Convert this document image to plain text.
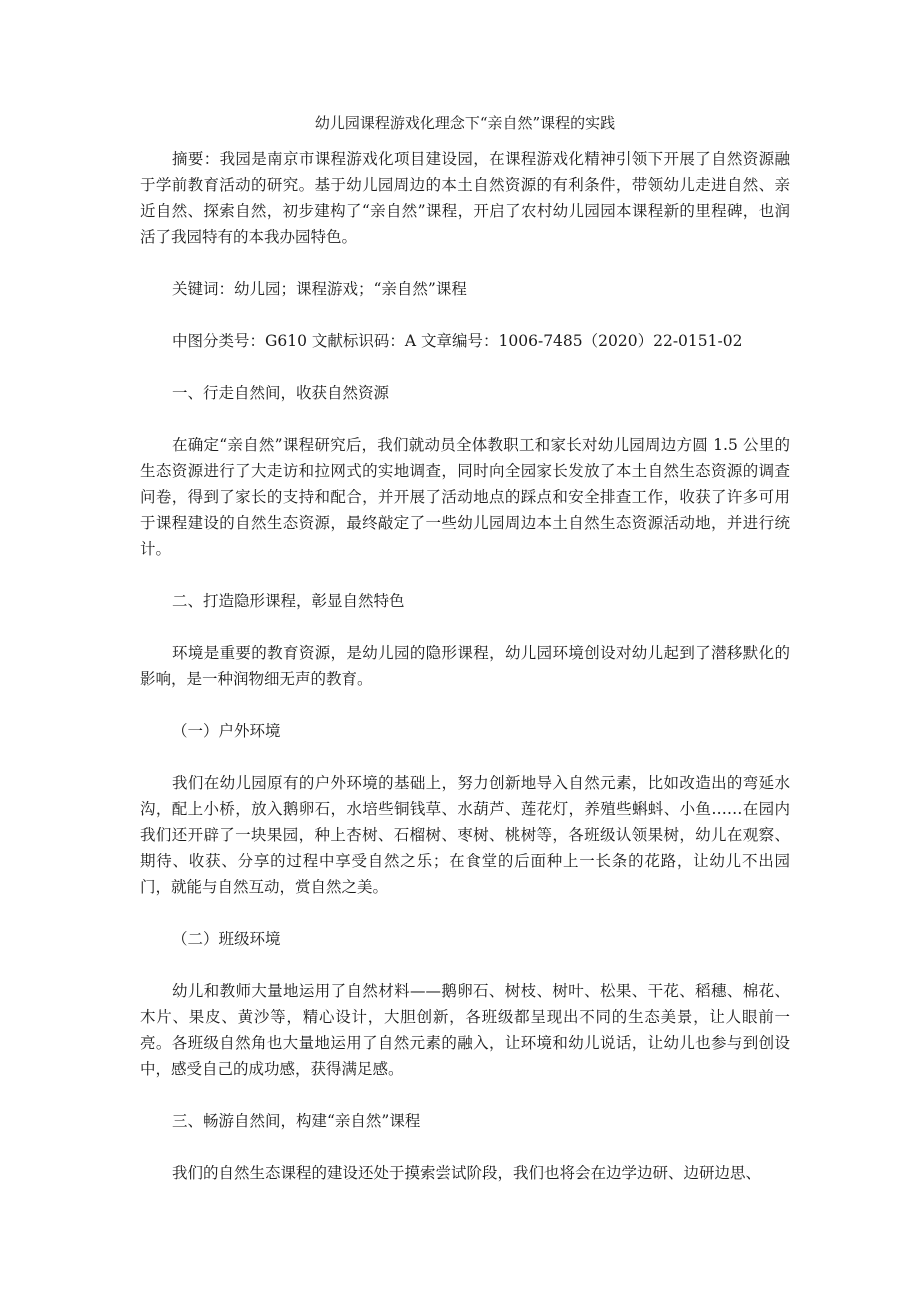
幼儿园课程游戏化理念下“亲自然”课程的实践

摘要：我园是南京市课程游戏化项目建设园，在课程游戏化精神引领下开展了自然资源融于学前教育活动的研究。基于幼儿园周边的本土自然资源的有利条件，带领幼儿走进自然、亲近自然、探索自然，初步建构了“亲自然”课程，开启了农村幼儿园园本课程新的里程碑，也润活了我园特有的本我办园特色。

关键词：幼儿园；课程游戏；“亲自然”课程

中图分类号：G610 文献标识码：A 文章编号：1006-7485（2020）22-0151-02

一、行走自然间，收获自然资源

在确定“亲自然”课程研究后，我们就动员全体教职工和家长对幼儿园周边方圆 1.5 公里的生态资源进行了大走访和拉网式的实地调查，同时向全园家长发放了本土自然生态资源的调查问卷，得到了家长的支持和配合，并开展了活动地点的踩点和安全排查工作，收获了许多可用于课程建设的自然生态资源，最终敲定了一些幼儿园周边本土自然生态资源活动地，并进行统计。

二、打造隐形课程，彰显自然特色

环境是重要的教育资源，是幼儿园的隐形课程，幼儿园环境创设对幼儿起到了潜移默化的影响，是一种润物细无声的教育。

（一）户外环境

我们在幼儿园原有的户外环境的基础上，努力创新地导入自然元素，比如改造出的弯延水沟，配上小桥，放入鹅卵石，水培些铜钱草、水葫芦、莲花灯，养殖些蝌蚪、小鱼……在园内我们还开辟了一块果园，种上杏树、石榴树、枣树、桃树等，各班级认领果树，幼儿在观察、期待、收获、分享的过程中享受自然之乐；在食堂的后面种上一长条的花路，让幼儿不出园门，就能与自然互动，赏自然之美。

（二）班级环境

幼儿和教师大量地运用了自然材料——鹅卵石、树枝、树叶、松果、干花、稻穗、棉花、木片、果皮、黄沙等，精心设计，大胆创新，各班级都呈现出不同的生态美景，让人眼前一亮。各班级自然角也大量地运用了自然元素的融入，让环境和幼儿说话，让幼儿也参与到创设中，感受自己的成功感，获得满足感。

三、畅游自然间，构建“亲自然”课程

我们的自然生态课程的建设还处于摸索尝试阶段，我们也将会在边学边研、边研边思、
